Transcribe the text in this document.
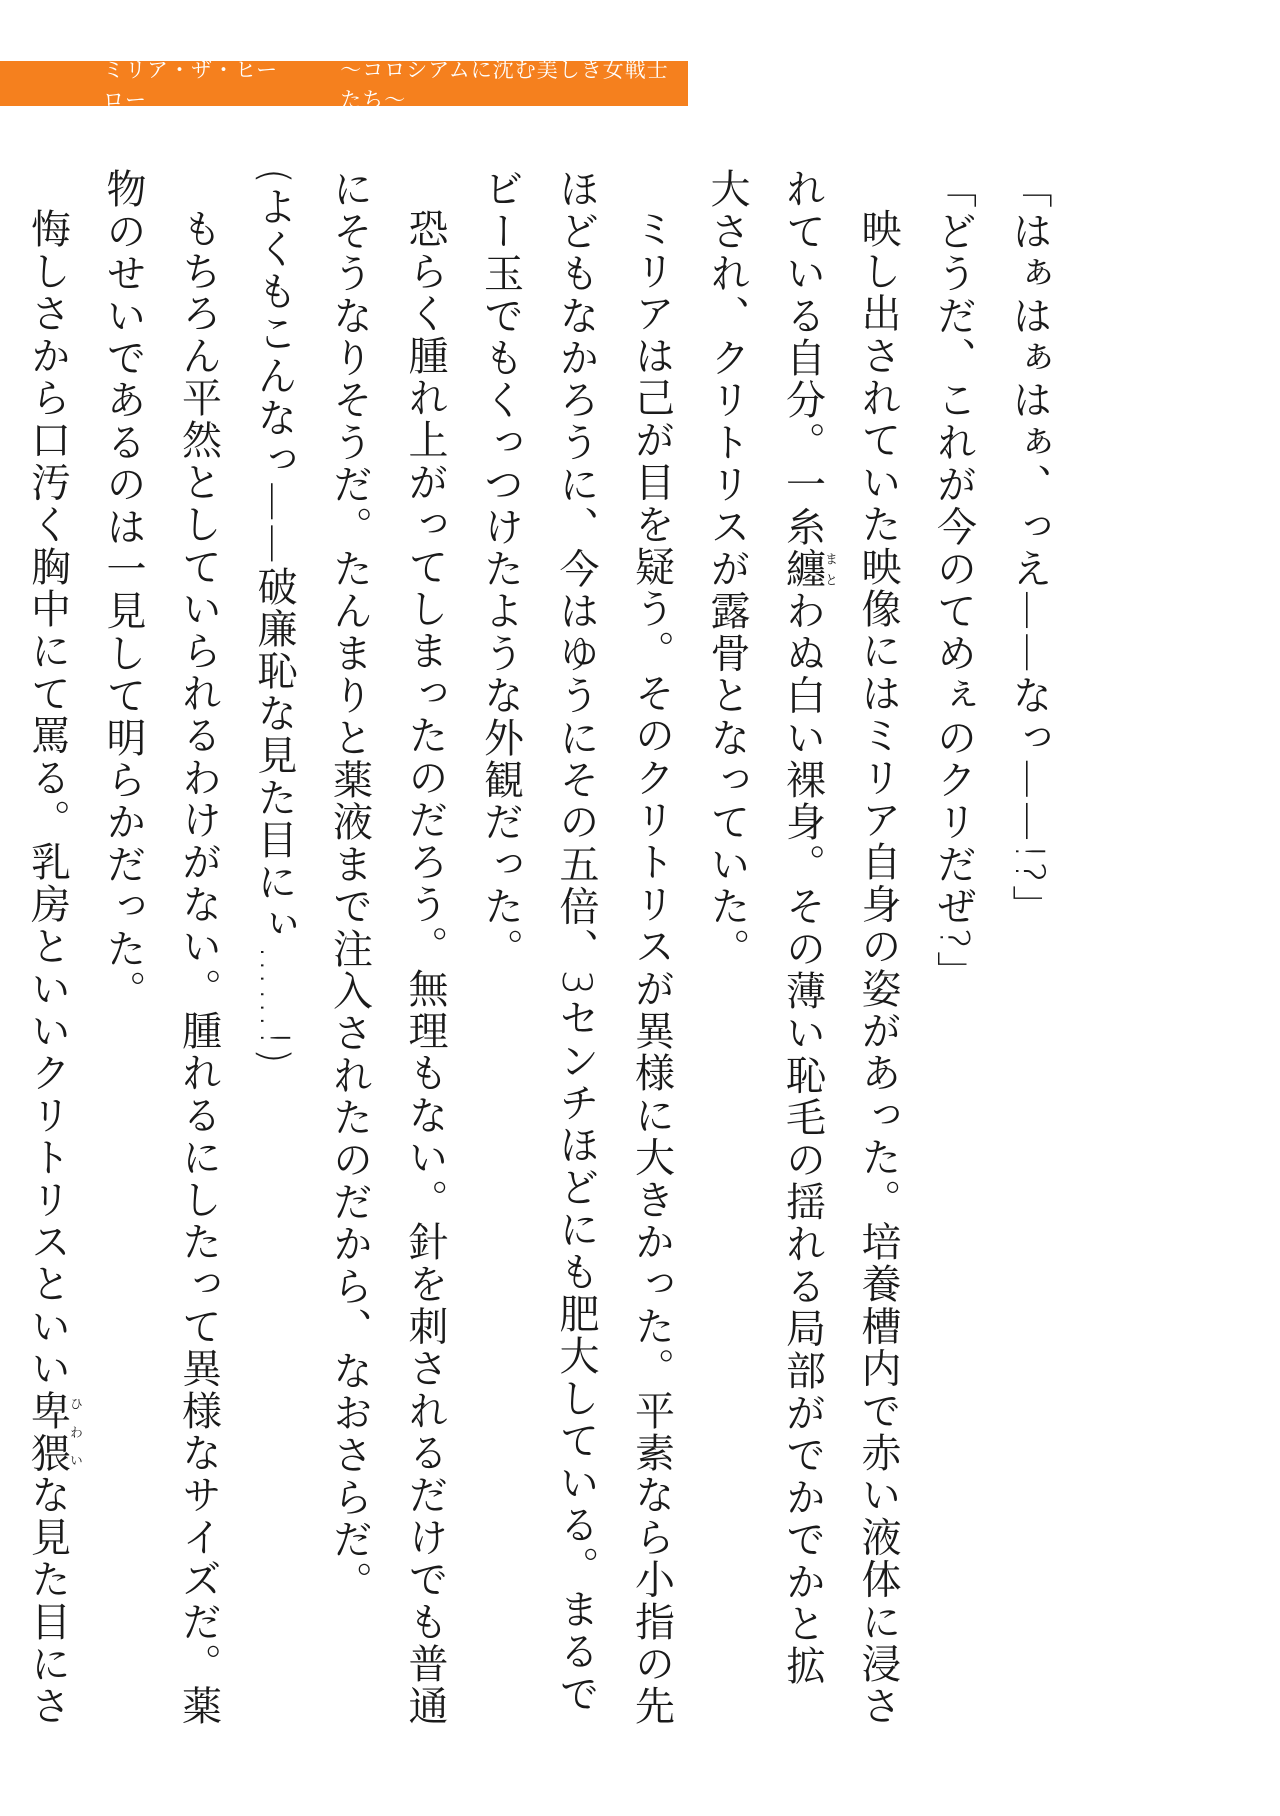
ミリア・ザ・ヒーロー
〜コロシアムに沈む美しき女戦士たち〜

「はぁはぁはぁ、っえ——なっ——!?」

「どうだ、これが今のてめぇのクリだぜ?」

映し出されていた映像にはミリア自身の姿があった。培養槽内で赤い液体に浸されている自分。一糸纏まとわぬ白い裸身。その薄い恥毛の揺れる局部がでかでかと拡大され、クリトリスが露骨となっていた。

ミリアは己が目を疑う。そのクリトリスが異様に大きかった。平素なら小指の先ほどもなかろうに、今はゆうにその五倍、3センチほどにも肥大している。まるでビー玉でもくっつけたような外観だった。

恐らく腫れ上がってしまったのだろう。無理もない。針を刺されるだけでも普通にそうなりそうだ。たんまりと薬液まで注入されたのだから、なおさらだ。

(よくもこんなっ——破廉恥な見た目にぃ……!)

もちろん平然としていられるわけがない。腫れるにしたって異様なサイズだ。薬物のせいであるのは一見して明らかだった。

悔しさから口汚く胸中にて罵る。乳房といいクリトリスといい卑猥ひわいな見た目にさ
